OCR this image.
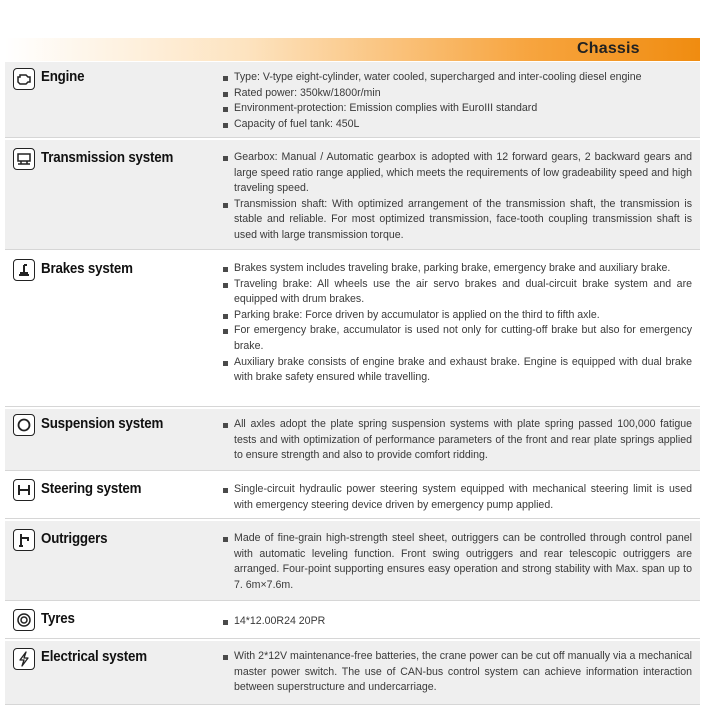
Chassis
Engine	Type: V-type eight-cylinder, water cooled, supercharged and inter-cooling diesel engine
Rated power: 350kw/1800r/min
Environment-protection: Emission complies with EuroIII standard
Capacity of fuel tank: 450L
Transmission system	Gearbox: Manual / Automatic gearbox is adopted with 12 forward gears, 2 backward gears and large speed ratio range applied, which meets the requirements of low gradeability speed and high traveling speed.
Transmission shaft: With optimized arrangement of the transmission shaft, the transmission is stable and reliable. For most optimized transmission, face-tooth coupling transmission shaft is used with large transmission torque.
Brakes system	Brakes system includes traveling brake, parking brake, emergency brake and auxiliary brake.
Traveling brake: All wheels use the air servo brakes and dual-circuit brake system and are equipped with drum brakes.
Parking brake: Force driven by accumulator is applied on the third to fifth axle.
For emergency brake, accumulator is used not only for cutting-off brake but also for emergency brake.
Auxiliary brake consists of engine brake and exhaust brake. Engine is equipped with dual brake with brake safety ensured while travelling.
Suspension system	All axles adopt the plate spring suspension systems with plate spring passed 100,000 fatigue tests and with optimization of performance parameters of the front and rear plate springs applied to ensure strength and also to provide comfort ridding.
Steering system	Single-circuit hydraulic power steering system equipped with mechanical steering limit is used with emergency steering device driven by emergency pump applied.
Outriggers	Made of fine-grain high-strength steel sheet, outriggers can be controlled through control panel with automatic leveling function. Front swing outriggers and rear telescopic outriggers are arranged. Four-point supporting ensures easy operation and strong stability with Max. span up to 7. 6m×7.6m.
Tyres	14*12.00R24 20PR
Electrical system	With 2*12V maintenance-free batteries, the crane power can be cut off manually via a mechanical master power switch. The use of CAN-bus control system can achieve information interaction between superstructure and undercarriage.
